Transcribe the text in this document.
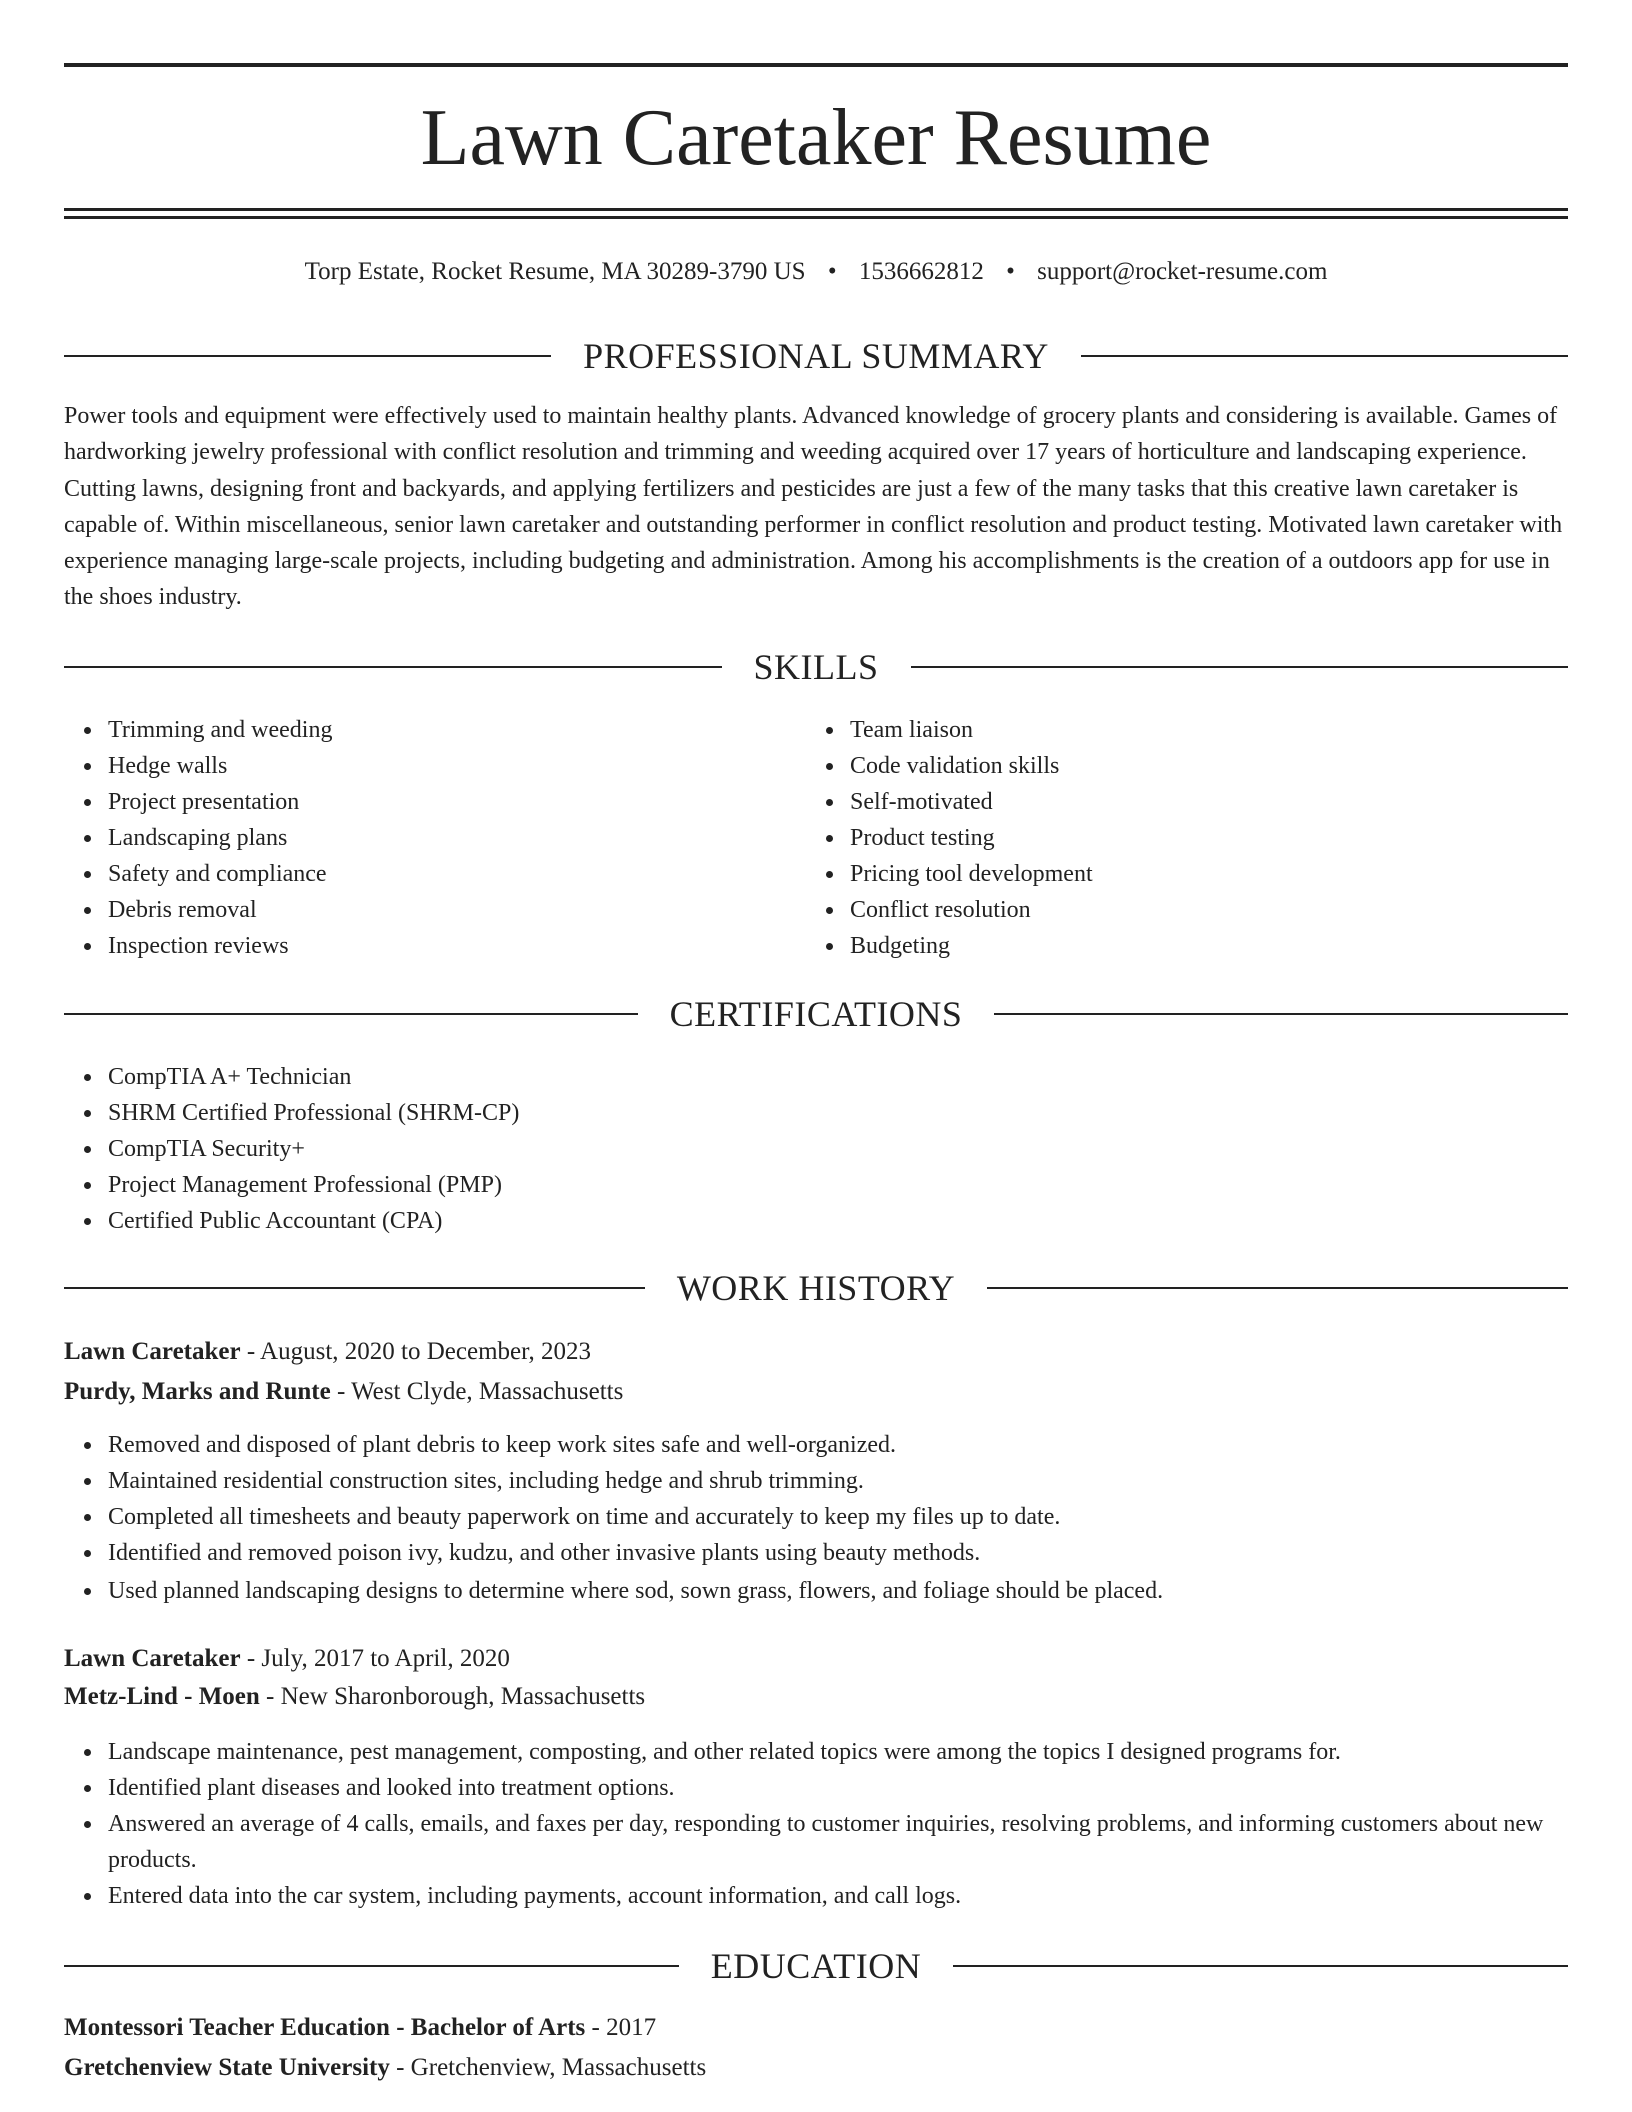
Lawn Caretaker Resume
Torp Estate, Rocket Resume, MA 30289-3790 US • 1536662812 • support@rocket-resume.com
PROFESSIONAL SUMMARY

Power tools and equipment were effectively used to maintain healthy plants. Advanced knowledge of grocery plants and considering is available. Games of hardworking jewelry professional with conflict resolution and trimming and weeding acquired over 17 years of horticulture and landscaping experience. Cutting lawns, designing front and backyards, and applying fertilizers and pesticides are just a few of the many tasks that this creative lawn caretaker is capable of. Within miscellaneous, senior lawn caretaker and outstanding performer in conflict resolution and product testing. Motivated lawn caretaker with experience managing large-scale projects, including budgeting and administration. Among his accomplishments is the creation of a outdoors app for use in the shoes industry.

SKILLS
Trimming and weeding
Hedge walls
Project presentation
Landscaping plans
Safety and compliance
Debris removal
Inspection reviews
Team liaison
Code validation skills
Self-motivated
Product testing
Pricing tool development
Conflict resolution
Budgeting
CERTIFICATIONS
CompTIA A+ Technician
SHRM Certified Professional (SHRM-CP)
CompTIA Security+
Project Management Professional (PMP)
Certified Public Accountant (CPA)
WORK HISTORY
Lawn Caretaker - August, 2020 to December, 2023
Purdy, Marks and Runte - West Clyde, Massachusetts
Removed and disposed of plant debris to keep work sites safe and well-organized.
Maintained residential construction sites, including hedge and shrub trimming.
Completed all timesheets and beauty paperwork on time and accurately to keep my files up to date.
Identified and removed poison ivy, kudzu, and other invasive plants using beauty methods.
Used planned landscaping designs to determine where sod, sown grass, flowers, and foliage should be placed.
Lawn Caretaker - July, 2017 to April, 2020
Metz-Lind - Moen - New Sharonborough, Massachusetts
Landscape maintenance, pest management, composting, and other related topics were among the topics I designed programs for.
Identified plant diseases and looked into treatment options.
Answered an average of 4 calls, emails, and faxes per day, responding to customer inquiries, resolving problems, and informing customers about new products.
Entered data into the car system, including payments, account information, and call logs.
EDUCATION
Montessori Teacher Education - Bachelor of Arts - 2017
Gretchenview State University - Gretchenview, Massachusetts
